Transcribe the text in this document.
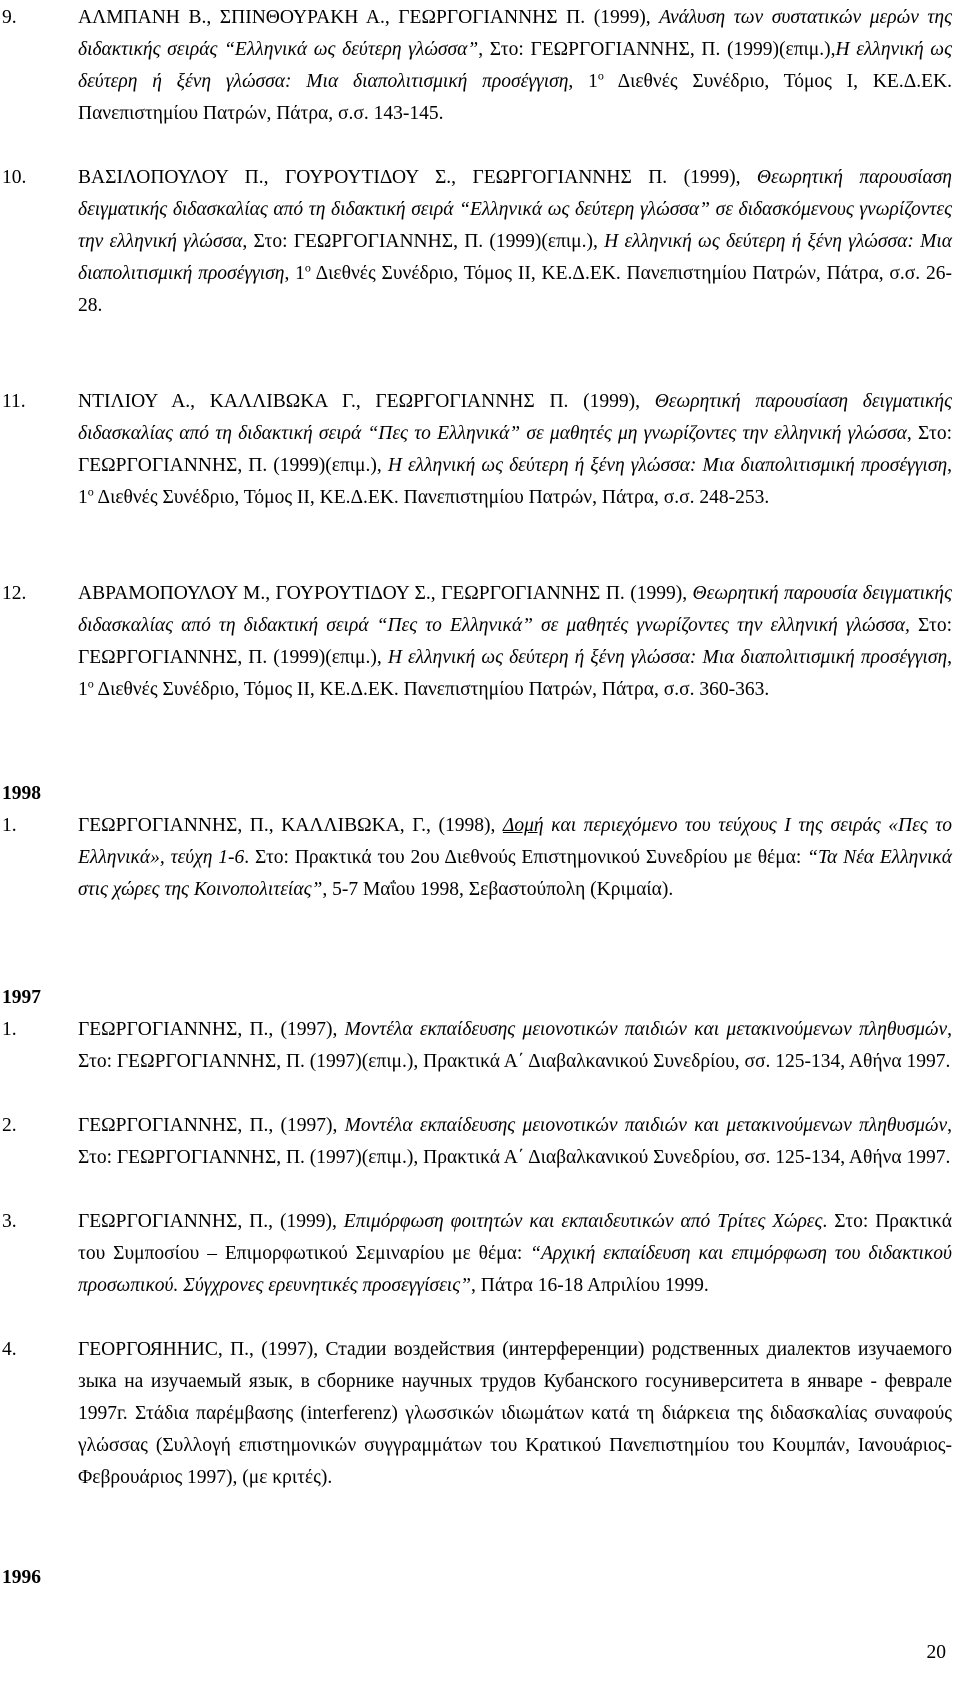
9.	ΑΛΜΠΑΝΗ Β., ΣΠΙΝΘΟΥΡΑΚΗ Α., ΓΕΩΡΓΟΓΙΑΝΝΗΣ Π. (1999), Ανάλυση των συστατικών μερών της διδακτικής σειράς “Ελληνικά ως δεύτερη γλώσσα”, Στο: ΓΕΩΡΓΟΓΙΑΝΝΗΣ, Π. (1999)(επιμ.),Η ελληνική ως δεύτερη ή ξένη γλώσσα: Μια διαπολιτισμική προσέγγιση, $1^o$ Διεθνές Συνέδριο, Τόμος Ι, ΚΕ.Δ.ΕΚ. Πανεπιστημίου Πατρών, Πάτρα, σ.σ. 143-145.
10.	ΒΑΣΙΛΟΠΟΥΛΟΥ Π., ΓΟΥΡΟΥΤΙΔΟΥ Σ., ΓΕΩΡΓΟΓΙΑΝΝΗΣ Π. (1999), Θεωρητική παρουσίαση δειγματικής διδασκαλίας από τη διδακτική σειρά “Ελληνικά ως δεύτερη γλώσσα” σε διδασκόμενους γνωρίζοντες την ελληνική γλώσσα, Στο: ΓΕΩΡΓΟΓΙΑΝΝΗΣ, Π. (1999)(επιμ.), Η ελληνική ως δεύτερη ή ξένη γλώσσα: Μια διαπολιτισμική προσέγγιση, $1^o$ Διεθνές Συνέδριο, Τόμος ΙΙ, ΚΕ.Δ.ΕΚ. Πανεπιστημίου Πατρών, Πάτρα, σ.σ. 26-28.
11.	ΝΤΙΛΙΟΥ Α., ΚΑΛΛΙΒΩΚΑ Γ., ΓΕΩΡΓΟΓΙΑΝΝΗΣ Π. (1999), Θεωρητική παρουσίαση δειγματικής διδασκαλίας από τη διδακτική σειρά “Πες το Ελληνικά” σε μαθητές μη γνωρίζοντες την ελληνική γλώσσα, Στο: ΓΕΩΡΓΟΓΙΑΝΝΗΣ, Π. (1999)(επιμ.), Η ελληνική ως δεύτερη ή ξένη γλώσσα: Μια διαπολιτισμική προσέγγιση, $1^o$ Διεθνές Συνέδριο, Τόμος ΙΙ, ΚΕ.Δ.ΕΚ. Πανεπιστημίου Πατρών, Πάτρα, σ.σ. 248-253.
12.	ΑΒΡΑΜΟΠΟΥΛΟΥ Μ., ΓΟΥΡΟΥΤΙΔΟΥ Σ., ΓΕΩΡΓΟΓΙΑΝΝΗΣ Π. (1999), Θεωρητική παρουσία δειγματικής διδασκαλίας από τη διδακτική σειρά “Πες το Ελληνικά” σε μαθητές γνωρίζοντες την ελληνική γλώσσα, Στο: ΓΕΩΡΓΟΓΙΑΝΝΗΣ, Π. (1999)(επιμ.), Η ελληνική ως δεύτερη ή ξένη γλώσσα: Μια διαπολιτισμική προσέγγιση, $1^o$ Διεθνές Συνέδριο, Τόμος ΙΙ, ΚΕ.Δ.ΕΚ. Πανεπιστημίου Πατρών, Πάτρα, σ.σ. 360-363.
1998
1.	ΓΕΩΡΓΟΓΙΑΝΝΗΣ, Π., ΚΑΛΛΙΒΩΚΑ, Γ., (1998), Δομή και περιεχόμενο του τεύχους Ι της σειράς «Πες το Ελληνικά», τεύχη 1-6. Στο: Πρακτικά του 2ου Διεθνούς Επιστημονικού Συνεδρίου με θέμα: “Τα Νέα Ελληνικά στις χώρες της Κοινοπολιτείας”, 5-7 Μαΐου 1998, Σεβαστούπολη (Κριμαία).
1997
1.	ΓΕΩΡΓΟΓΙΑΝΝΗΣ, Π., (1997), Μοντέλα εκπαίδευσης μειονοτικών παιδιών και μετακινούμενων πληθυσμών, Στο: ΓΕΩΡΓΟΓΙΑΝΝΗΣ, Π. (1997)(επιμ.), Πρακτικά Α΄ Διαβαλκανικού Συνεδρίου, σσ. 125-134, Αθήνα 1997.
2.	ΓΕΩΡΓΟΓΙΑΝΝΗΣ, Π., (1997), Μοντέλα εκπαίδευσης μειονοτικών παιδιών και μετακινούμενων πληθυσμών, Στο: ΓΕΩΡΓΟΓΙΑΝΝΗΣ, Π. (1997)(επιμ.), Πρακτικά Α΄ Διαβαλκανικού Συνεδρίου, σσ. 125-134, Αθήνα 1997.
3.	ΓΕΩΡΓΟΓΙΑΝΝΗΣ, Π., (1999), Επιμόρφωση φοιτητών και εκπαιδευτικών από Τρίτες Χώρες. Στο: Πρακτικά του Συμποσίου – Επιμορφωτικού Σεμιναρίου με θέμα: “Αρχική εκπαίδευση και επιμόρφωση του διδακτικού προσωπικού. Σύγχρονες ερευνητικές προσεγγίσεις”, Πάτρα 16-18 Απριλίου 1999.
4.	ГЕОРГОЯННИС, П., (1997), Стадии воздействия (интерференции) родственных диалектов изучаемого зыка на изучаемый язык, в сборнике научных трудов Кубанского госуниверситета в январе - феврале 1997г. Στάδια παρέμβασης (interferenz) γλωσσικών ιδιωμάτων κατά τη διάρκεια της διδασκαλίας συναφούς γλώσσας (Συλλογή επιστημονικών συγγραμμάτων του Κρατικού Πανεπιστημίου του Κουμπάν, Ιανουάριος-Φεβρουάριος 1997), (με κριτές).
1996
20
